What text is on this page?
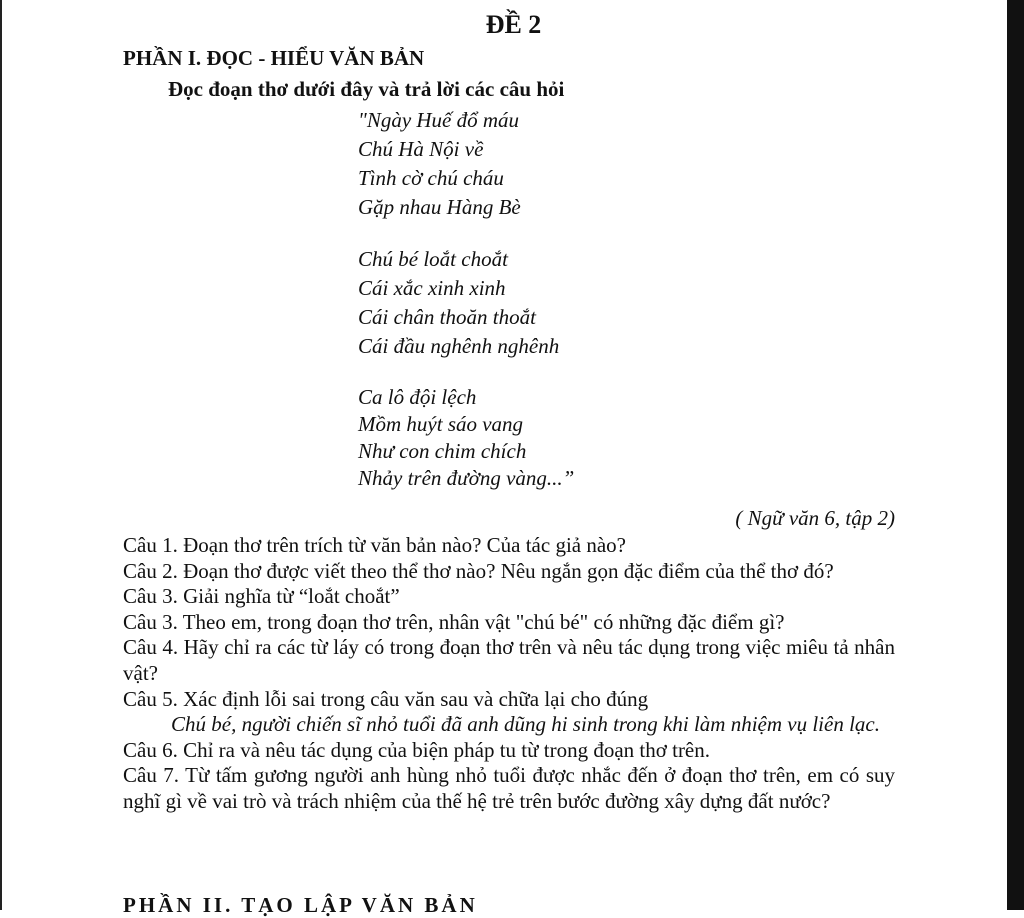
ĐỀ 2
PHẦN I. ĐỌC - HIỂU VĂN BẢN
Đọc đoạn thơ dưới đây và trả lời các câu hỏi
"Ngày Huế đổ máu
Chú Hà Nội về
Tình cờ chú cháu
Gặp nhau Hàng Bè
Chú bé loắt choắt
Cái xắc xinh xinh
Cái chân thoăn thoắt
Cái đầu nghênh nghênh
Ca lô đội lệch
Mồm huýt sáo vang
Như con chim chích
Nhảy trên đường vàng...”
( Ngữ văn 6, tập 2)
Câu 1. Đoạn thơ trên trích từ văn bản nào? Của tác giả nào?
Câu 2. Đoạn thơ được viết theo thể thơ nào? Nêu ngắn gọn đặc điểm của thể thơ đó?
Câu 3. Giải nghĩa từ “loắt choắt”
Câu 3. Theo em, trong đoạn thơ trên, nhân vật "chú bé" có những đặc điểm gì?
Câu 4. Hãy chỉ ra các từ láy có trong đoạn thơ trên và nêu tác dụng trong việc miêu tả nhân vật?
Câu 5. Xác định lỗi sai trong câu văn sau và chữa lại cho đúng
Chú bé, người chiến sĩ nhỏ tuổi đã anh dũng hi sinh trong khi làm nhiệm vụ liên lạc.
Câu 6. Chỉ ra và nêu tác dụng của biện pháp tu từ trong đoạn thơ trên.
Câu 7. Từ tấm gương người anh hùng nhỏ tuổi được nhắc đến ở đoạn thơ trên, em có suy nghĩ gì về vai trò và trách nhiệm của thế hệ trẻ trên bước đường xây dựng đất nước?
PHẦN II. TẠO LẬP VĂN BẢN
